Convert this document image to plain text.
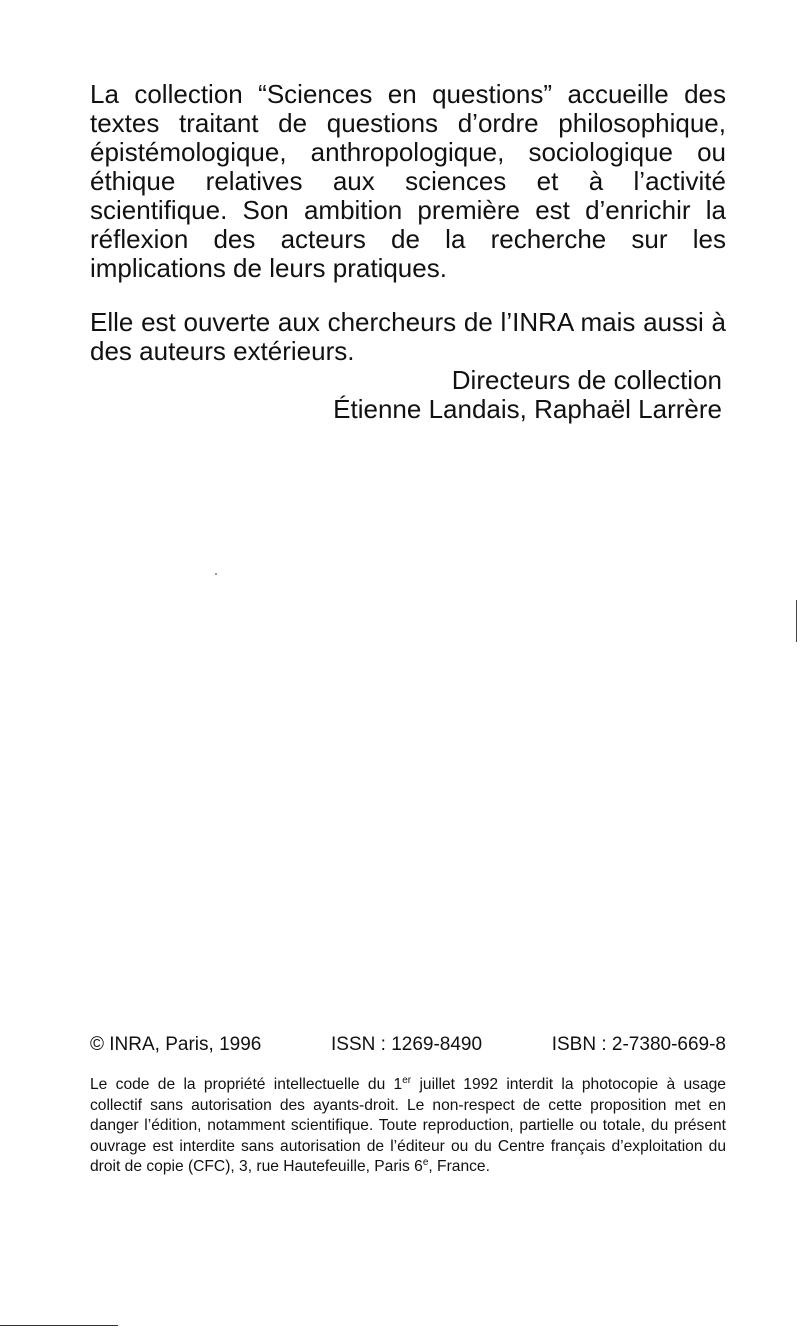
La collection “Sciences en questions” accueille des textes traitant de questions d’ordre philosophique, épistémologique, anthropologique, sociologique ou éthique relatives aux sciences et à l’activité scientifique. Son ambition première est d’enrichir la réflexion des acteurs de la recherche sur les implications de leurs pratiques.

Elle est ouverte aux chercheurs de l’INRA mais aussi à des auteurs extérieurs.

Directeurs de collection
Étienne Landais, Raphaël Larrère
© INRA, Paris, 1996	ISSN : 1269-8490	ISBN : 2-7380-669-8

Le code de la propriété intellectuelle du 1er juillet 1992 interdit la photocopie à usage collectif sans autorisation des ayants-droit. Le non-respect de cette proposition met en danger l’édition, notamment scientifique. Toute reproduction, partielle ou totale, du présent ouvrage est interdite sans autorisation de l’éditeur ou du Centre français d’exploitation du droit de copie (CFC), 3, rue Hautefeuille, Paris 6e, France.
